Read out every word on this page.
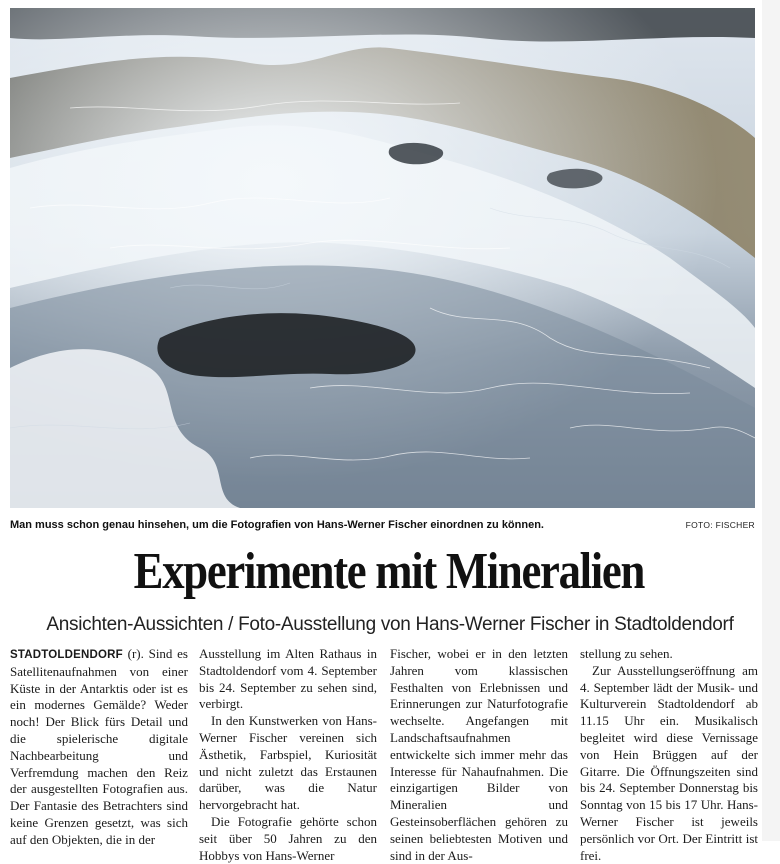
Man muss schon genau hinsehen, um die Fotografien von Hans-Werner Fischer einordnen zu können.	FOTO: FISCHER
Experimente mit Mineralien
Ansichten-Aussichten / Foto-Ausstellung von Hans-Werner Fischer in Stadtoldendorf

STADTOLDENDORF (r). Sind es Satellitenaufnahmen von einer Küste in der Antarktis oder ist es ein modernes Gemälde? Weder noch! Der Blick fürs Detail und die spielerische digitale Nachbearbeitung und Verfremdung machen den Reiz der ausgestellten Fotografien aus. Der Fantasie des Betrachters sind keine Grenzen gesetzt, was sich auf den Objekten, die in der

Ausstellung im Alten Rathaus in Stadtoldendorf vom 4. September bis 24. September zu sehen sind, verbirgt.

In den Kunstwerken von Hans-Werner Fischer vereinen sich Ästhetik, Farbspiel, Kuriosität und nicht zuletzt das Erstaunen darüber, was die Natur hervorgebracht hat.

Die Fotografie gehörte schon seit über 50 Jahren zu den Hobbys von Hans-Werner

Fischer, wobei er in den letzten Jahren vom klassischen Festhalten von Erlebnissen und Erinnerungen zur Naturfotografie wechselte. Angefangen mit Landschaftsaufnahmen entwickelte sich immer mehr das Interesse für Nahaufnahmen. Die einzigartigen Bilder von Mineralien und Gesteinsoberflächen gehören zu seinen beliebtesten Motiven und sind in der Aus-

stellung zu sehen.

Zur Ausstellungseröffnung am 4. September lädt der Musik- und Kulturverein Stadtoldendorf ab 11.15 Uhr ein. Musikalisch begleitet wird diese Vernissage von Hein Brüggen auf der Gitarre. Die Öffnungszeiten sind bis 24. September Donnerstag bis Sonntag von 15 bis 17 Uhr. Hans-Werner Fischer ist jeweils persönlich vor Ort. Der Eintritt ist frei.
